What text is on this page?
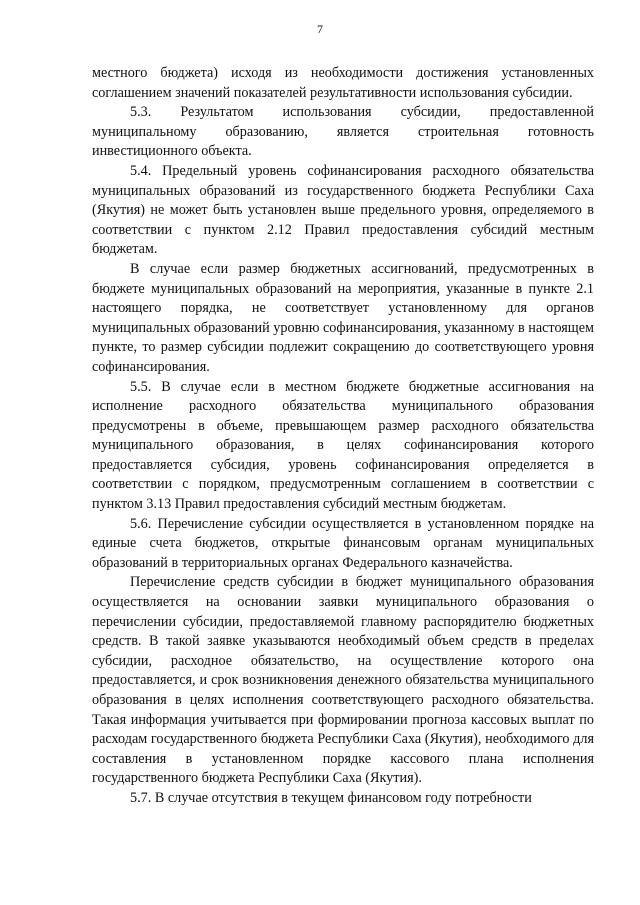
7

местного бюджета) исходя из необходимости достижения установленных соглашением значений показателей результативности использования субсидии.

5.3. Результатом использования субсидии, предоставленной муниципальному образованию, является строительная готовность инвестиционного объекта.

5.4. Предельный уровень софинансирования расходного обязательства муниципальных образований из государственного бюджета Республики Саха (Якутия) не может быть установлен выше предельного уровня, определяемого в соответствии с пунктом 2.12 Правил предоставления субсидий местным бюджетам.

В случае если размер бюджетных ассигнований, предусмотренных в бюджете муниципальных образований на мероприятия, указанные в пункте 2.1 настоящего порядка, не соответствует установленному для органов муниципальных образований уровню софинансирования, указанному в настоящем пункте, то размер субсидии подлежит сокращению до соответствующего уровня софинансирования.

5.5. В случае если в местном бюджете бюджетные ассигнования на исполнение расходного обязательства муниципального образования предусмотрены в объеме, превышающем размер расходного обязательства муниципального образования, в целях софинансирования которого предоставляется субсидия, уровень софинансирования определяется в соответствии с порядком, предусмотренным соглашением в соответствии с пунктом 3.13 Правил предоставления субсидий местным бюджетам.

5.6. Перечисление субсидии осуществляется в установленном порядке на единые счета бюджетов, открытые финансовым органам муниципальных образований в территориальных органах Федерального казначейства.

Перечисление средств субсидии в бюджет муниципального образования осуществляется на основании заявки муниципального образования о перечислении субсидии, предоставляемой главному распорядителю бюджетных средств. В такой заявке указываются необходимый объем средств в пределах субсидии, расходное обязательство, на осуществление которого она предоставляется, и срок возникновения денежного обязательства муниципального образования в целях исполнения соответствующего расходного обязательства. Такая информация учитывается при формировании прогноза кассовых выплат по расходам государственного бюджета Республики Саха (Якутия), необходимого для составления в установленном порядке кассового плана исполнения государственного бюджета Республики Саха (Якутия).

5.7. В случае отсутствия в текущем финансовом году потребности
